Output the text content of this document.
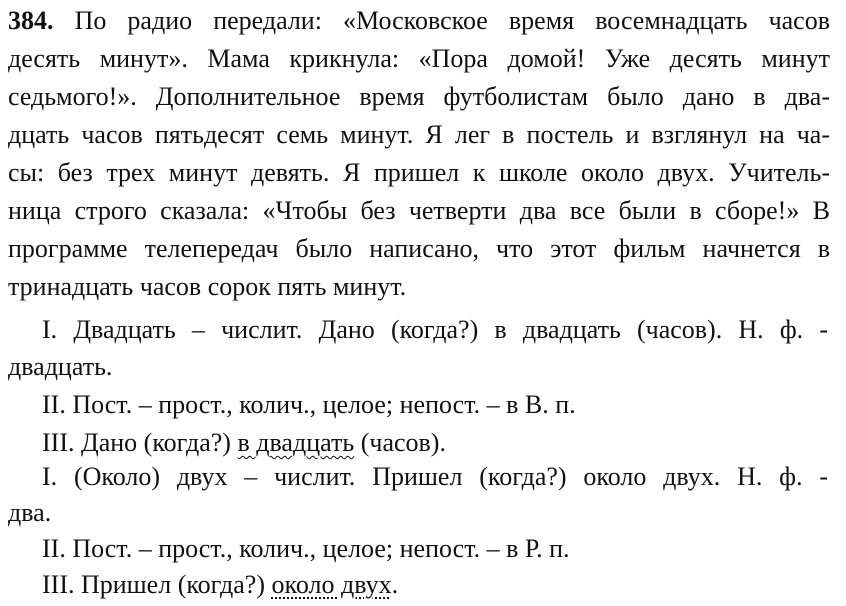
384. По радио передали: «Московское время восемнадцать часов
десять минут». Мама крикнула: «Пора домой! Уже десять минут
седьмого!». Дополнительное время футболистам было дано в два-
дцать часов пятьдесят семь минут. Я лег в постель и взглянул на ча-
сы: без трех минут девять. Я пришел к школе около двух. Учитель-
ница строго сказала: «Чтобы без четверти два все были в сборе!» В
программе телепередач было написано, что этот фильм начнется в
тринадцать часов сорок пять минут.
I. Двадцать – числит. Дано (когда?) в двадцать (часов). Н. ф. -
двадцать.
II. Пост. – прост., колич., целое; непост. – в В. п.
III. Дано (когда?) в двадцать (часов).
I. (Около) двух – числит. Пришел (когда?) около двух. Н. ф. -
два.
II. Пост. – прост., колич., целое; непост. – в Р. п.
III. Пришел (когда?) около двух.
